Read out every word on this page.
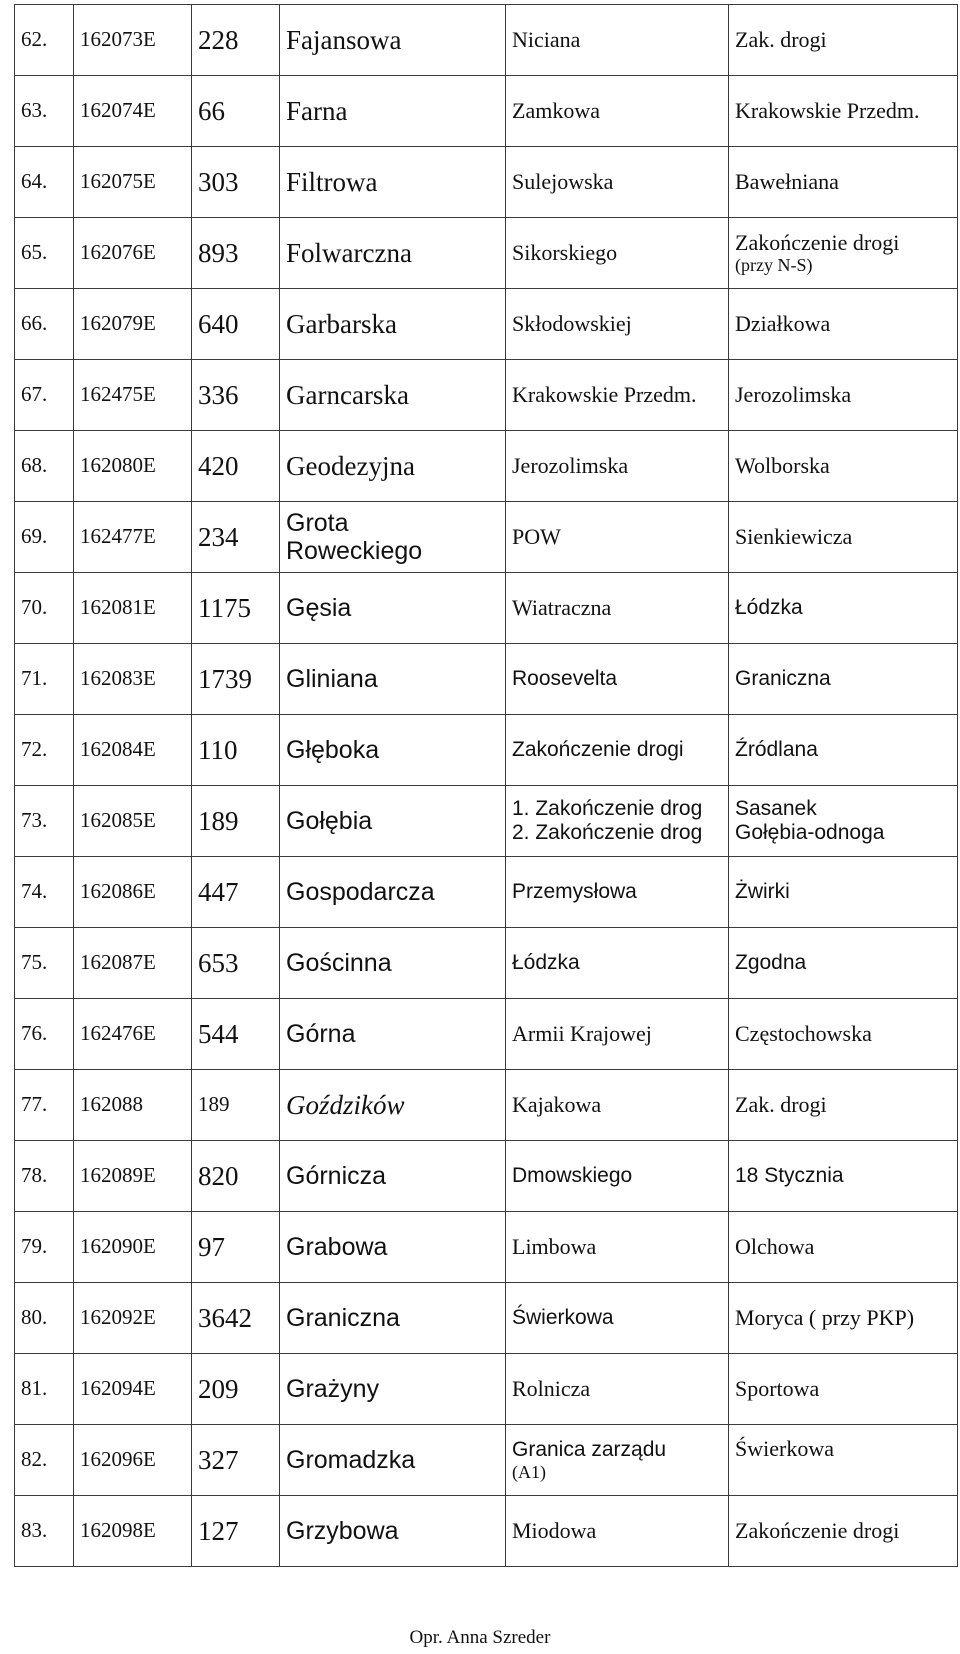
62.	162073E	228	Fajansowa	Niciana	Zak. drogi
63.	162074E	66	Farna	Zamkowa	Krakowskie Przedm.
64.	162075E	303	Filtrowa	Sulejowska	Bawełniana
65.	162076E	893	Folwarczna	Sikorskiego	Zakończenie drogi
(przy N-S)

66.	162079E	640	Garbarska	Skłodowskiej	Działkowa
67.	162475E	336	Garncarska	Krakowskie Przedm.	Jerozolimska
68.	162080E	420	Geodezyjna	Jerozolimska	Wolborska
69.	162477E	234	Grota
Roweckiego	POW	Sienkiewicza
70.	162081E	1175	Gęsia	Wiatraczna	Łódzka
71.	162083E	1739	Gliniana	Roosevelta	Graniczna
72.	162084E	110	Głęboka	Zakończenie drogi	Źródlana
73.	162085E	189	Gołębia	1. Zakończenie drog
2. Zakończenie drog	Sasanek
Gołębia-odnoga
74.	162086E	447	Gospodarcza	Przemysłowa	Żwirki
75.	162087E	653	Gościnna	Łódzka	Zgodna
76.	162476E	544	Górna	Armii Krajowej	Częstochowska
77.	162088	189	Goździków	Kajakowa	Zak. drogi
78.	162089E	820	Górnicza	Dmowskiego	18 Stycznia
79.	162090E	97	Grabowa	Limbowa	Olchowa
80.	162092E	3642	Graniczna	Świerkowa	Moryca ( przy PKP)
81.	162094E	209	Grażyny	Rolnicza	Sportowa
82.	162096E	327	Gromadzka	Granica zarządu
(A1)	Świerkowa
83.	162098E	127	Grzybowa	Miodowa	Zakończenie drogi
Opr. Anna Szreder
